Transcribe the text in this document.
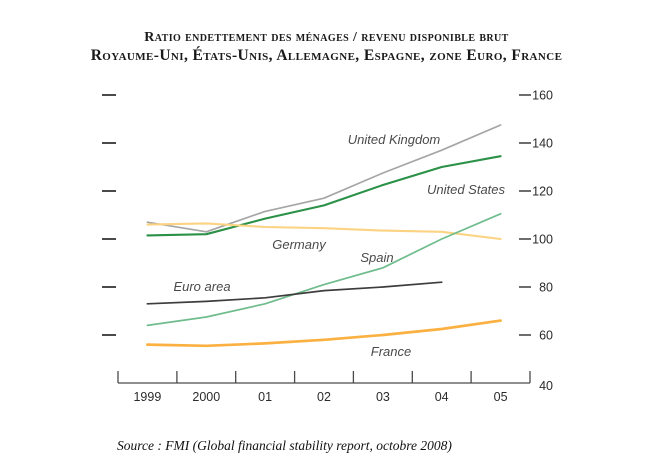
Ratio endettement des ménages / revenu disponible brut
Royaume-Uni, États-Unis, Allemagne, Espagne, zone Euro, France
1999 2000	01	02	03	04	05
40
60
80
100
120
140
160
United Kingdom
United States
Germany
Spain
Euro area
France
Source : FMI (Global financial stability report, octobre 2008)
